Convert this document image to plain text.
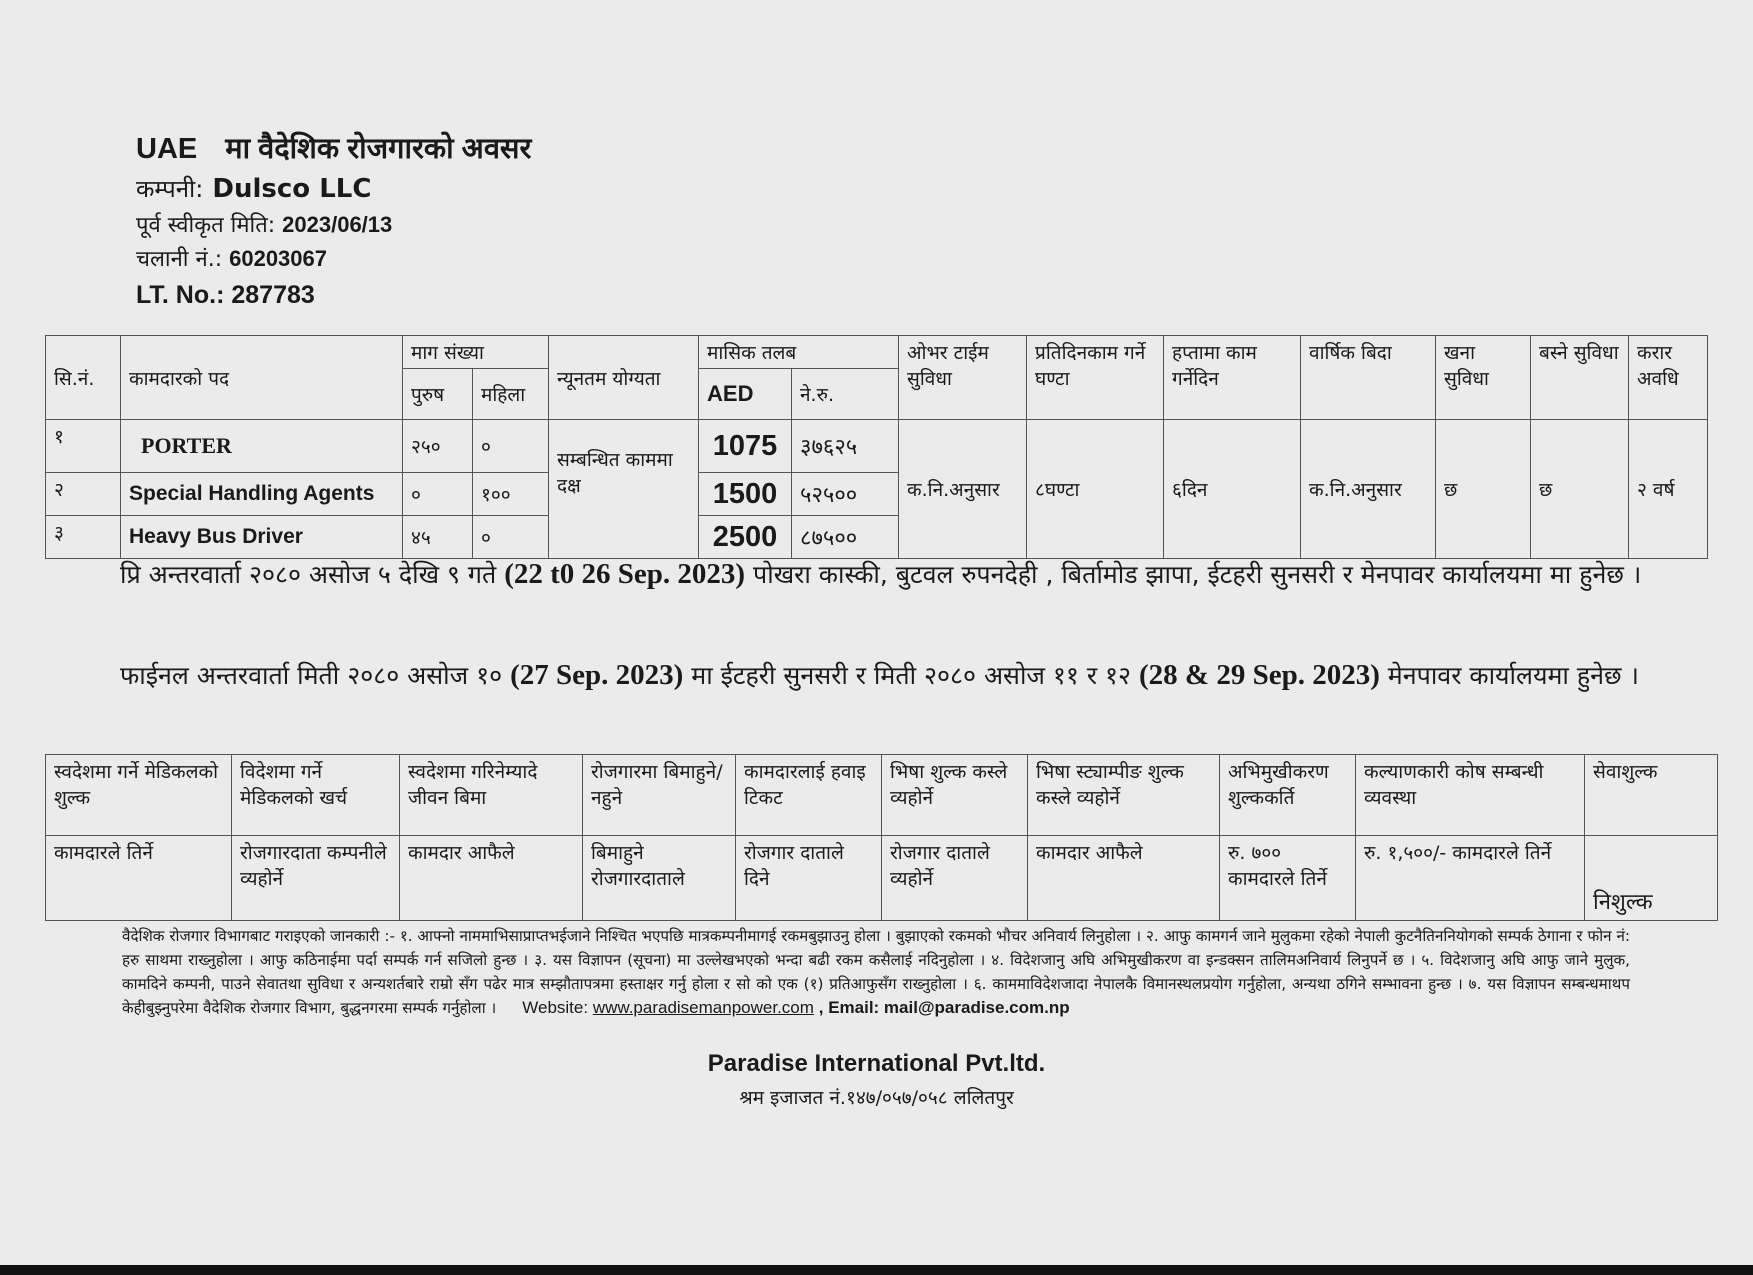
UAE मा वैदेशिक रोजगारको अवसर
कम्पनी: Dulsco LLC
पूर्व स्वीकृत मिति: 2023/06/13
चलानी नं.: 60203067
LT. No.: 287783
सि.नं.	कामदारको पद	माग संख्या		न्यूनतम योग्यता	मासिक तलब		ओभर टाईम सुविधा	प्रतिदिनकाम गर्ने घण्टा	हप्तामा काम गर्नेदिन	वार्षिक बिदा	खना सुविधा	बस्ने सुविधा	करार अवधि
		पुरुष	महिला		AED	ने.रु.							
१	PORTER	२५०	०	सम्बन्धित काममा दक्ष	1075	३७६२५	क.नि.अनुसार	८घण्टा	६दिन	क.नि.अनुसार	छ	छ	२ वर्ष
२	Special Handling Agents	०	१००		1500	५२५००							
३	Heavy Bus Driver	४५	०		2500	८७५००							
प्रि अन्तरवार्ता २०८० असोज ५ देखि ९ गते (22 t0 26 Sep. 2023) पोखरा कास्की, बुटवल रुपनदेही , बिर्तामोड झापा, ईटहरी सुनसरी र मेनपावर कार्यालयमा मा हुनेछ ।
फाईनल अन्तरवार्ता मिती २०८० असोज १० (27 Sep. 2023) मा ईटहरी सुनसरी र मिती २०८० असोज ११ र १२ (28 & 29 Sep. 2023) मेनपावर कार्यालयमा हुनेछ ।
स्वदेशमा गर्ने मेडिकलको शुल्क	विदेशमा गर्ने मेडिकलको खर्च	स्वदेशमा गरिनेम्यादे जीवन बिमा	रोजगारमा बिमाहुने/नहुने	कामदारलाई हवाइ टिकट	भिषा शुल्क कस्ले व्यहोर्ने	भिषा स्ट्याम्पीङ शुल्क कस्ले व्यहोर्ने	अभिमुखीकरण शुल्ककर्ति	कल्याणकारी कोष सम्बन्धी व्यवस्था	सेवाशुल्क
कामदारले तिर्ने	रोजगारदाता कम्पनीले व्यहोर्ने	कामदार आफैले	बिमाहुने रोजगारदाताले	रोजगार दाताले दिने	रोजगार दाताले व्यहोर्ने	कामदार आफैले	रु. ७०० कामदारले तिर्ने	रु. १,५००/- कामदारले तिर्ने	निशुल्क
वैदेशिक रोजगार विभागबाट गराइएको जानकारी :- १. आफ्नो नाममाभिसाप्राप्तभईजाने निश्चित भएपछि मात्रकम्पनीमागई रकमबुझाउनु होला । बुझाएको रकमको भौचर अनिवार्य लिनुहोला । २. आफु कामगर्न जाने मुलुकमा रहेको नेपाली कुटनैतिननियोगको सम्पर्क ठेगाना र फोन नं: हरु साथमा राख्नुहोला । आफु कठिनाईमा पर्दा सम्पर्क गर्न सजिलो हुन्छ । ३. यस विज्ञापन (सूचना) मा उल्लेखभएको भन्दा बढी रकम कसैलाई नदिनुहोला । ४. विदेशजानु अघि अभिमुखीकरण वा इन्डक्सन तालिमअनिवार्य लिनुपर्ने छ । ५. विदेशजानु अघि आफु जाने मुलुक, कामदिने कम्पनी, पाउने सेवातथा सुविधा र अन्यशर्तबारे राम्रो सँग पढेर मात्र सम्झौतापत्रमा हस्ताक्षर गर्नु होला र सो को एक (१) प्रतिआफुसँग राख्नुहोला । ६. काममाविदेशजादा नेपालकै विमानस्थलप्रयोग गर्नुहोला, अन्यथा ठगिने सम्भावना हुन्छ । ७. यस विज्ञापन सम्बन्धमाथप केहीबुझ्नुपरेमा वैदेशिक रोजगार विभाग, बुद्धनगरमा सम्पर्क गर्नुहोला । Website: www.paradisemanpower.com , Email: mail@paradise.com.np
Paradise International Pvt.ltd.
श्रम इजाजत नं.१४७/०५७/०५८ ललितपुर
